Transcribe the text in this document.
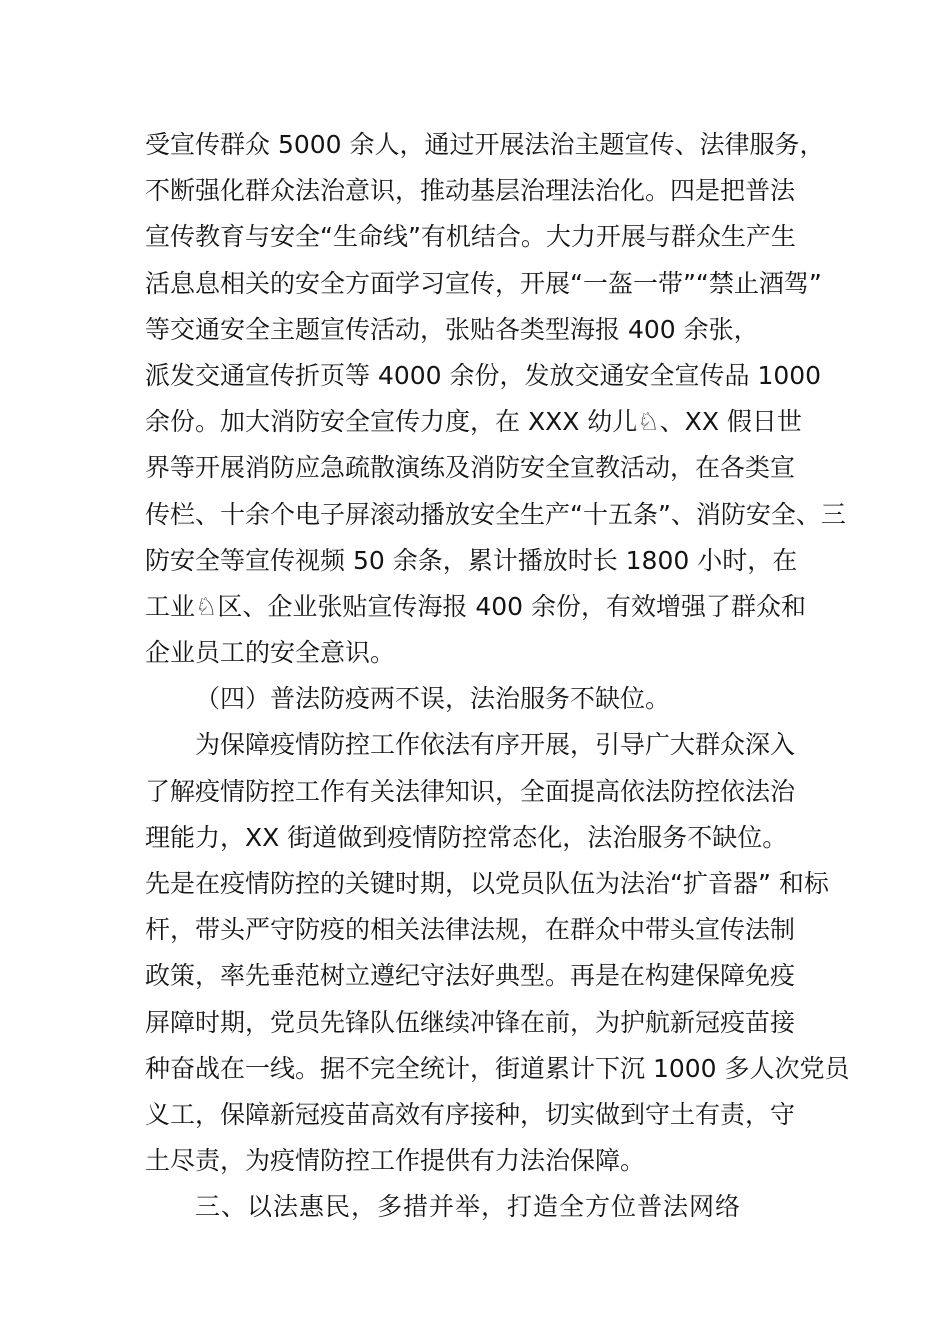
受宣传群众 5000 余人，通过开展法治主题宣传、法律服务，
不断强化群众法治意识，推动基层治理法治化。四是把普法
宣传教育与安全“生命线”有机结合。大力开展与群众生产生
活息息相关的安全方面学习宣传，开展“一盔一带”“禁止酒驾”
等交通安全主题宣传活动，张贴各类型海报 400 余张，
派发交通宣传折页等 4000 余份，发放交通安全宣传品 1000
余份。加大消防安全宣传力度，在 XXX 幼儿♘、XX 假日世
界等开展消防应急疏散演练及消防安全宣教活动，在各类宣
传栏、十余个电子屏滚动播放安全生产“十五条”、消防安全、三
防安全等宣传视频 50 余条，累计播放时长 1800 小时，在
工业♘区、企业张贴宣传海报 400 余份，有效增强了群众和
企业员工的安全意识。
（四）普法防疫两不误，法治服务不缺位。
为保障疫情防控工作依法有序开展，引导广大群众深入
了解疫情防控工作有关法律知识，全面提高依法防控依法治
理能力，XX 街道做到疫情防控常态化，法治服务不缺位。
先是在疫情防控的关键时期，以党员队伍为法治“扩音器” 和标
杆，带头严守防疫的相关法律法规，在群众中带头宣传法制
政策，率先垂范树立遵纪守法好典型。再是在构建保障免疫
屏障时期，党员先锋队伍继续冲锋在前，为护航新冠疫苗接
种奋战在一线。据不完全统计，街道累计下沉 1000 多人次党员
义工，保障新冠疫苗高效有序接种，切实做到守土有责，守
土尽责，为疫情防控工作提供有力法治保障。
三、以法惠民，多措并举，打造全方位普法网络
